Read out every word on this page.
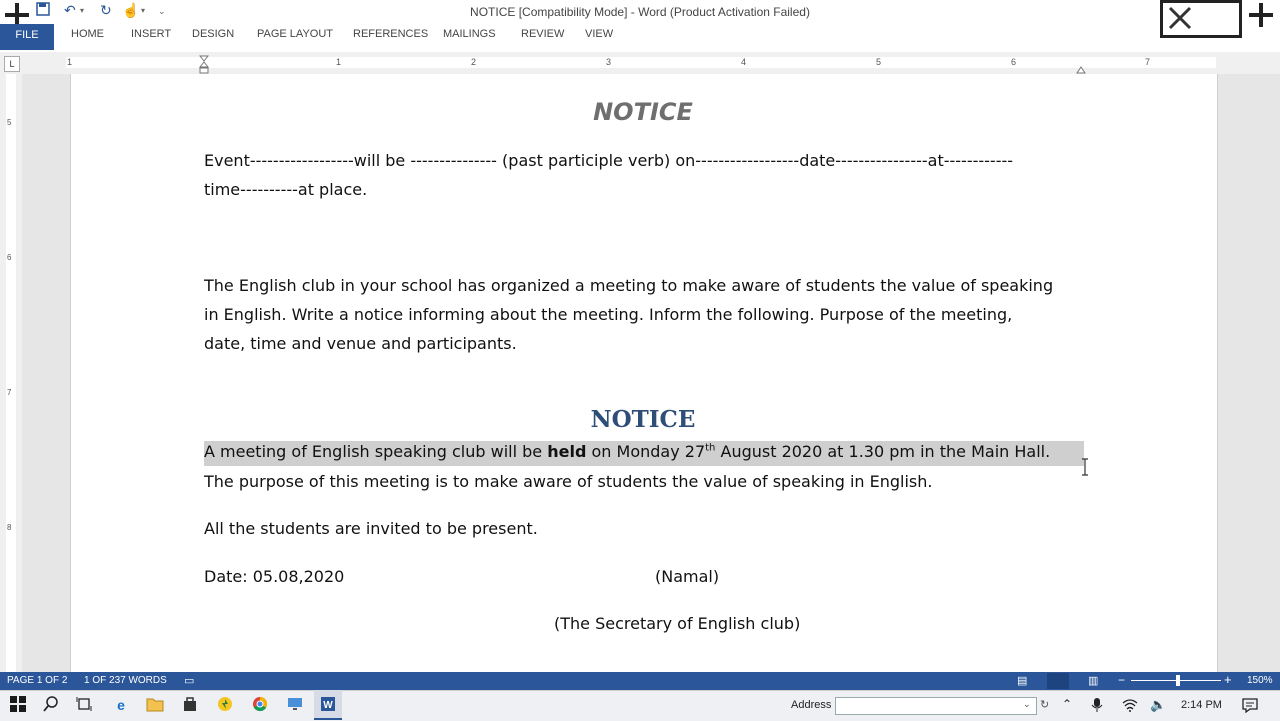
NOTICE [Compatibility Mode] - Word (Product Activation Failed)
↶ ▾ ↻ ☝ ▾ ⌄
FILE	HOME INSERT DESIGN PAGE LAYOUT REFERENCES MAILINGS REVIEW VIEW
L	1	1	2	3	4	5	6	7
5
6
7
8
NOTICE
Event------------------will be --------------- (past participle verb) on------------------date----------------at------------
time----------at place.
The English club in your school has organized a meeting to make aware of students the value of speaking
in English. Write a notice informing about the meeting. Inform the following. Purpose of the meeting,
date, time and venue and participants.
NOTICE
A meeting of English speaking club will be held on Monday 27th August 2020 at 1.30 pm in the Main Hall.
The purpose of this meeting is to make aware of students the value of speaking in English.
All the students are invited to be present.
Date: 05.08,2020	(Namal)
(The Secretary of English club)
PAGE 1 OF 2 1 OF 237 WORDS ▭	▤	▥ −	+ 150%
e	W	Address	⌄ ↻ ⌃	🔈 2:14 PM
